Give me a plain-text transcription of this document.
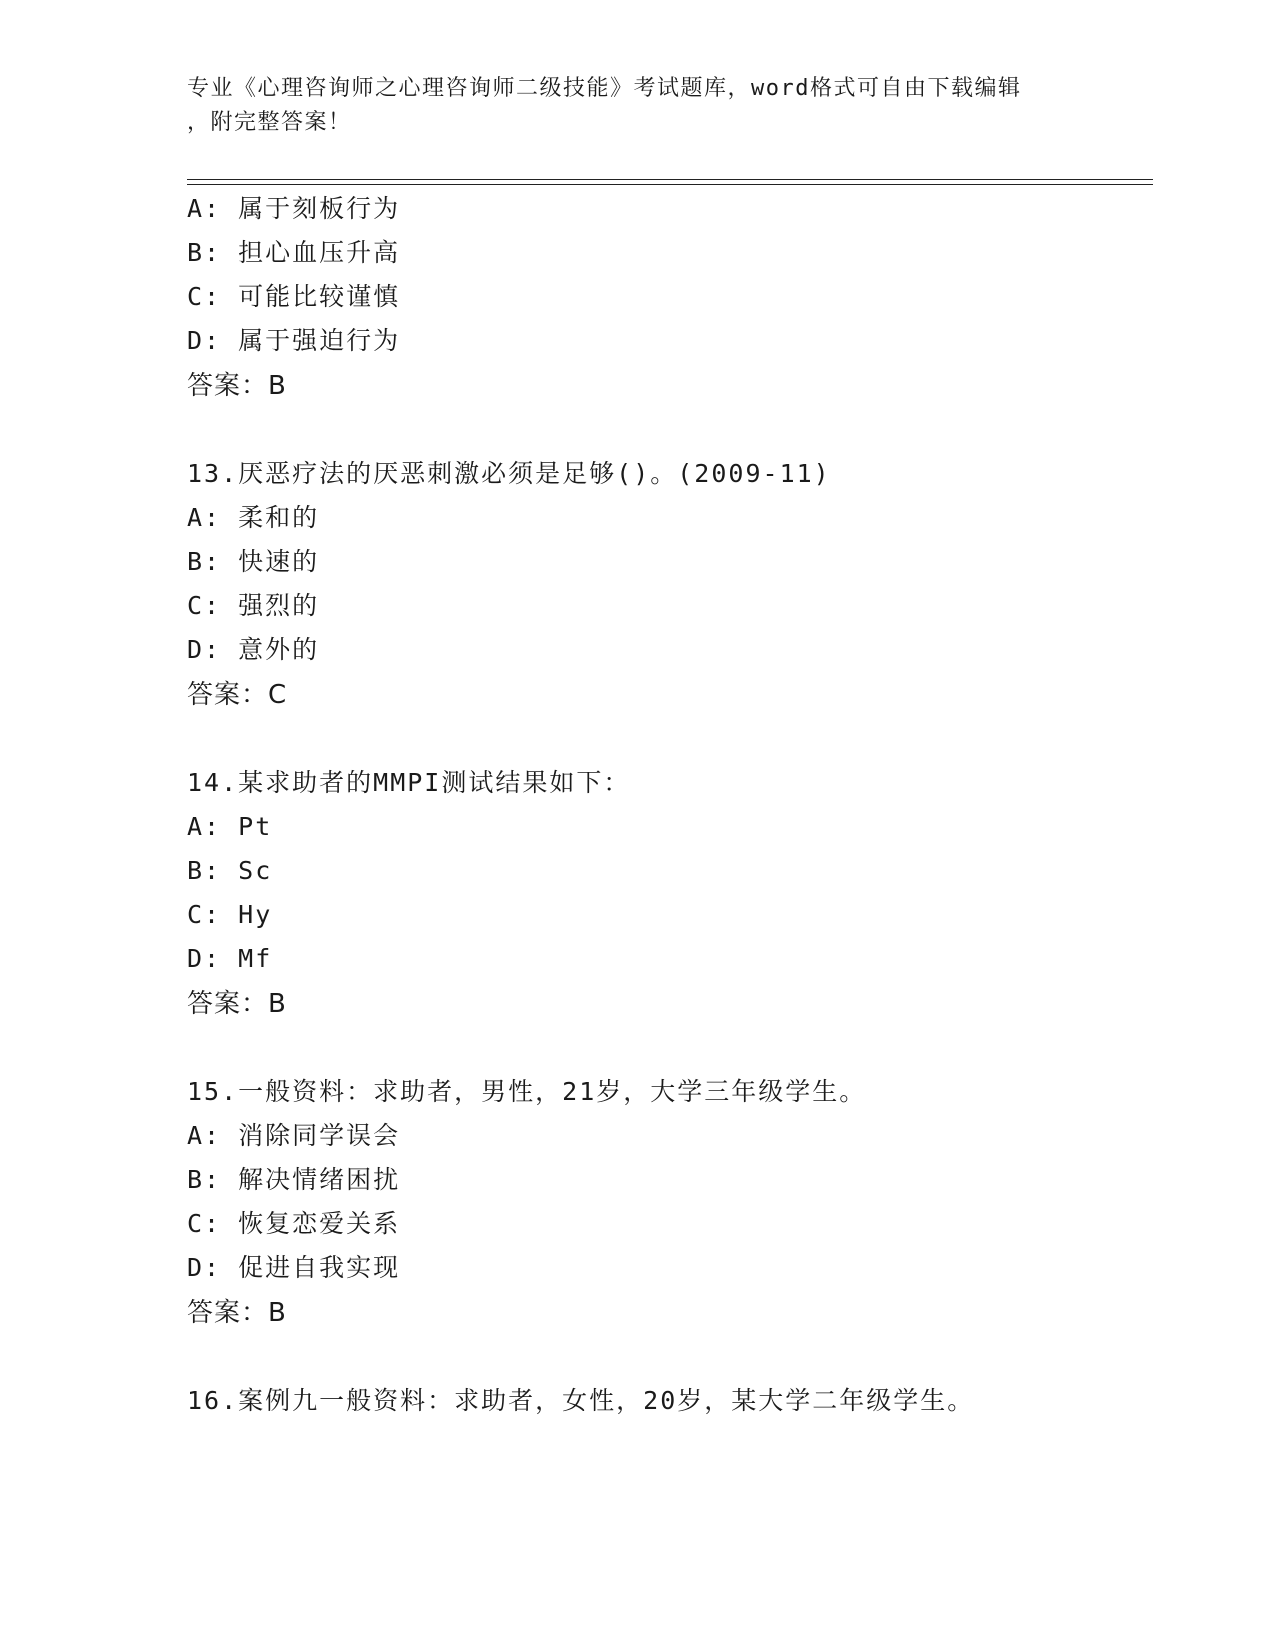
专业《心理咨询师之心理咨询师二级技能》考试题库，word格式可自由下载编辑
，附完整答案！
A: 属于刻板行为
B: 担心血压升高
C: 可能比较谨慎
D: 属于强迫行为
答案：B
13.厌恶疗法的厌恶刺激必须是足够()。(2009-11)
A: 柔和的
B: 快速的
C: 强烈的
D: 意外的
答案：C
14.某求助者的MMPI测试结果如下：
A: Pt
B: Sc
C: Hy
D: Mf
答案：B
15.一般资料：求助者，男性，21岁，大学三年级学生。
A: 消除同学误会
B: 解决情绪困扰
C: 恢复恋爱关系
D: 促进自我实现
答案：B
16.案例九一般资料：求助者，女性，20岁，某大学二年级学生。
